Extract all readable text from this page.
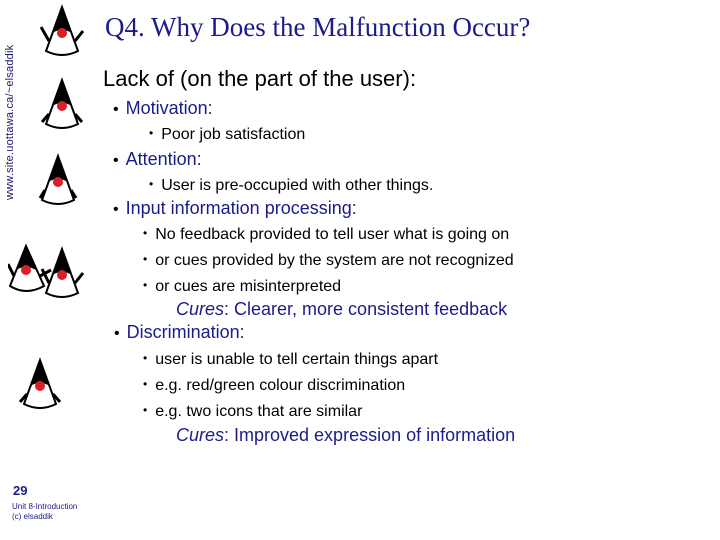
www.site.uottawa.ca/~elsaddik
Q4. Why Does the Malfunction Occur?
Lack of (on the part of the user):
• Motivation:
• Poor job satisfaction
• Attention:
• User is pre-occupied with other things.
• Input information processing:
• No feedback provided to tell user what is going on
• or cues provided by the system are not recognized
• or cues are misinterpreted
Cures: Clearer, more consistent feedback
• Discrimination:
• user is unable to tell certain things apart
• e.g. red/green colour discrimination
• e.g. two icons that are similar
Cures: Improved expression of information
29
Unit 8-Introduction
(c) elsaddik
